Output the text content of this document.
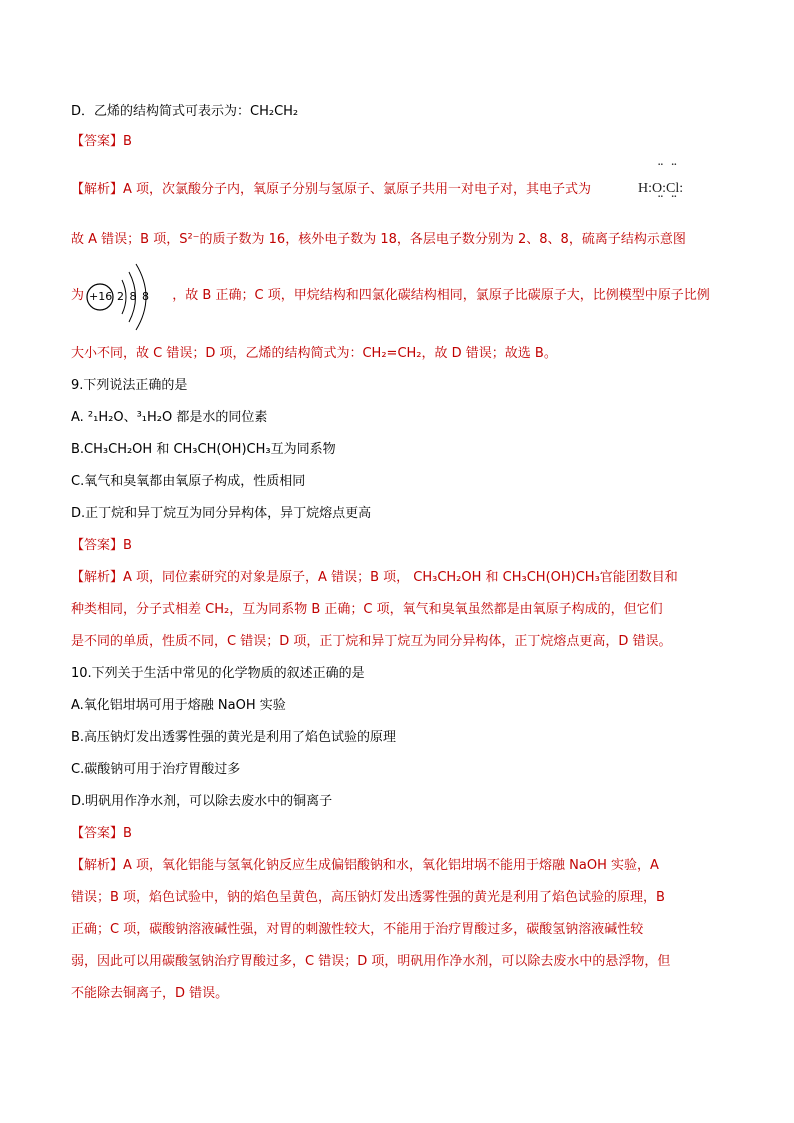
D．乙烯的结构简式可表示为：CH₂CH₂
【答案】B
【解析】A 项，次氯酸分子内，氧原子分别与氢原子、氯原子共用一对电子对，其电子式为
¨ ¨
H:O:Cl:
¨ ¨
故 A 错误；B 项，S²⁻的质子数为 16，核外电子数为 18，各层电子数分别为 2、8、8，硫离子结构示意图
为	，故 B 正确；C 项，甲烷结构和四氯化碳结构相同，氯原子比碳原子大，比例模型中原子比例
+16 2 8 8
大小不同，故 C 错误；D 项，乙烯的结构简式为：CH₂=CH₂，故 D 错误；故选 B。
9.下列说法正确的是
A. ²₁H₂O、³₁H₂O 都是水的同位素
B.CH₃CH₂OH 和 CH₃CH(OH)CH₃互为同系物
C.氧气和臭氧都由氧原子构成，性质相同
D.正丁烷和异丁烷互为同分异构体，异丁烷熔点更高
【答案】B
【解析】A 项，同位素研究的对象是原子，A 错误；B 项， CH₃CH₂OH 和 CH₃CH(OH)CH₃官能团数目和
种类相同，分子式相差 CH₂，互为同系物 B 正确；C 项，氧气和臭氧虽然都是由氧原子构成的，但它们
是不同的单质，性质不同，C 错误；D 项，正丁烷和异丁烷互为同分异构体，正丁烷熔点更高，D 错误。
10.下列关于生活中常见的化学物质的叙述正确的是
A.氧化铝坩埚可用于熔融 NaOH 实验
B.高压钠灯发出透雾性强的黄光是利用了焰色试验的原理
C.碳酸钠可用于治疗胃酸过多
D.明矾用作净水剂，可以除去废水中的铜离子
【答案】B
【解析】A 项，氧化铝能与氢氧化钠反应生成偏铝酸钠和水，氧化铝坩埚不能用于熔融 NaOH 实验，A
错误；B 项，焰色试验中，钠的焰色呈黄色，高压钠灯发出透雾性强的黄光是利用了焰色试验的原理，B
正确；C 项，碳酸钠溶液碱性强，对胃的刺激性较大，不能用于治疗胃酸过多，碳酸氢钠溶液碱性较
弱，因此可以用碳酸氢钠治疗胃酸过多，C 错误；D 项，明矾用作净水剂，可以除去废水中的悬浮物，但
不能除去铜离子，D 错误。
